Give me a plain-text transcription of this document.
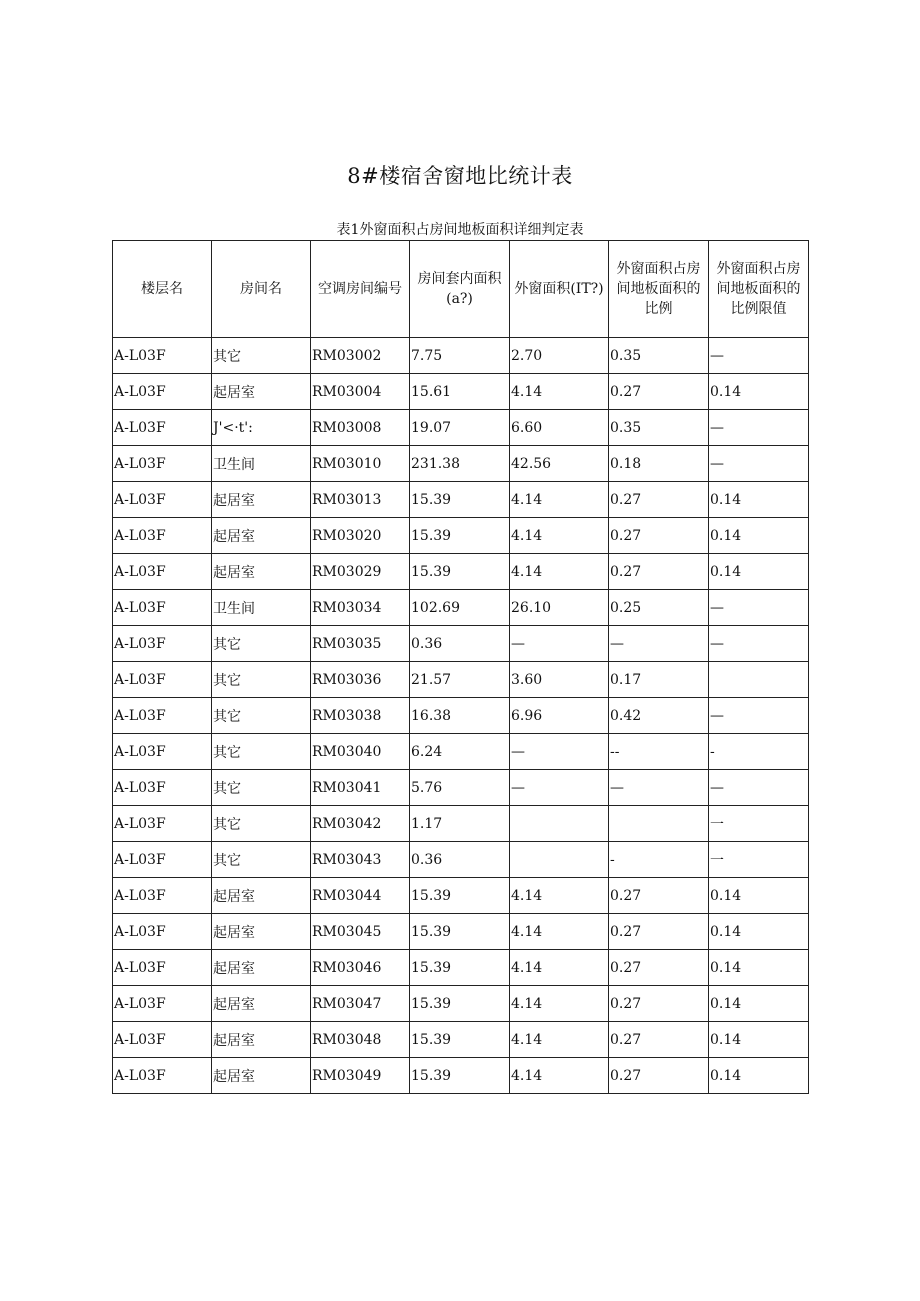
8#楼宿舍窗地比统计表

表1外窗面积占房间地板面积详细判定表

楼层名	房间名	空调房间编号	房间套内面积(a?)	外窗面积(IT?)	外窗面积占房间地板面积的比例	外窗面积占房间地板面积的比例限值
A-L03F	其它	RM03002	7.75	2.70	0.35	—
A-L03F	起居室	RM03004	15.61	4.14	0.27	0.14
A-L03F	J'<·t':	RM03008	19.07	6.60	0.35	—
A-L03F	卫生间	RM03010	231.38	42.56	0.18	—
A-L03F	起居室	RM03013	15.39	4.14	0.27	0.14
A-L03F	起居室	RM03020	15.39	4.14	0.27	0.14
A-L03F	起居室	RM03029	15.39	4.14	0.27	0.14
A-L03F	卫生间	RM03034	102.69	26.10	0.25	—
A-L03F	其它	RM03035	0.36	—	—	—
A-L03F	其它	RM03036	21.57	3.60	0.17	
A-L03F	其它	RM03038	16.38	6.96	0.42	—
A-L03F	其它	RM03040	6.24	—	--	-
A-L03F	其它	RM03041	5.76	—	—	—
A-L03F	其它	RM03042	1.17			一
A-L03F	其它	RM03043	0.36		-	一
A-L03F	起居室	RM03044	15.39	4.14	0.27	0.14
A-L03F	起居室	RM03045	15.39	4.14	0.27	0.14
A-L03F	起居室	RM03046	15.39	4.14	0.27	0.14
A-L03F	起居室	RM03047	15.39	4.14	0.27	0.14
A-L03F	起居室	RM03048	15.39	4.14	0.27	0.14
A-L03F	起居室	RM03049	15.39	4.14	0.27	0.14
